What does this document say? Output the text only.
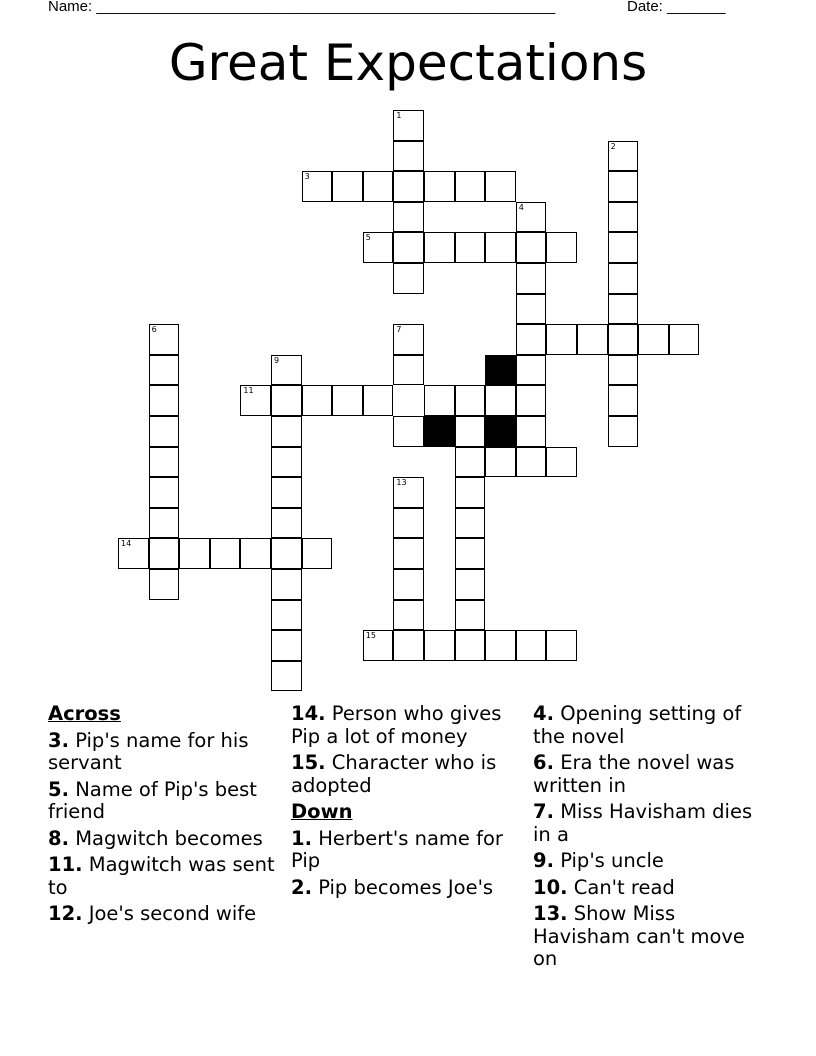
Name: _______________________________________________________	Date: _______
Great Expectations
1
2
3
4
5
6	7
9
11
13
14
15
Across
3. Pip's name for his servant
5. Name of Pip's best friend
8. Magwitch becomes
11. Magwitch was sent to
12. Joe's second wife
14. Person who gives Pip a lot of money
15. Character who is adopted
Down
1. Herbert's name for Pip
2. Pip becomes Joe's
4. Opening setting of the novel
6. Era the novel was written in
7. Miss Havisham dies in a
9. Pip's uncle
10. Can't read
13. Show Miss Havisham can't move on
